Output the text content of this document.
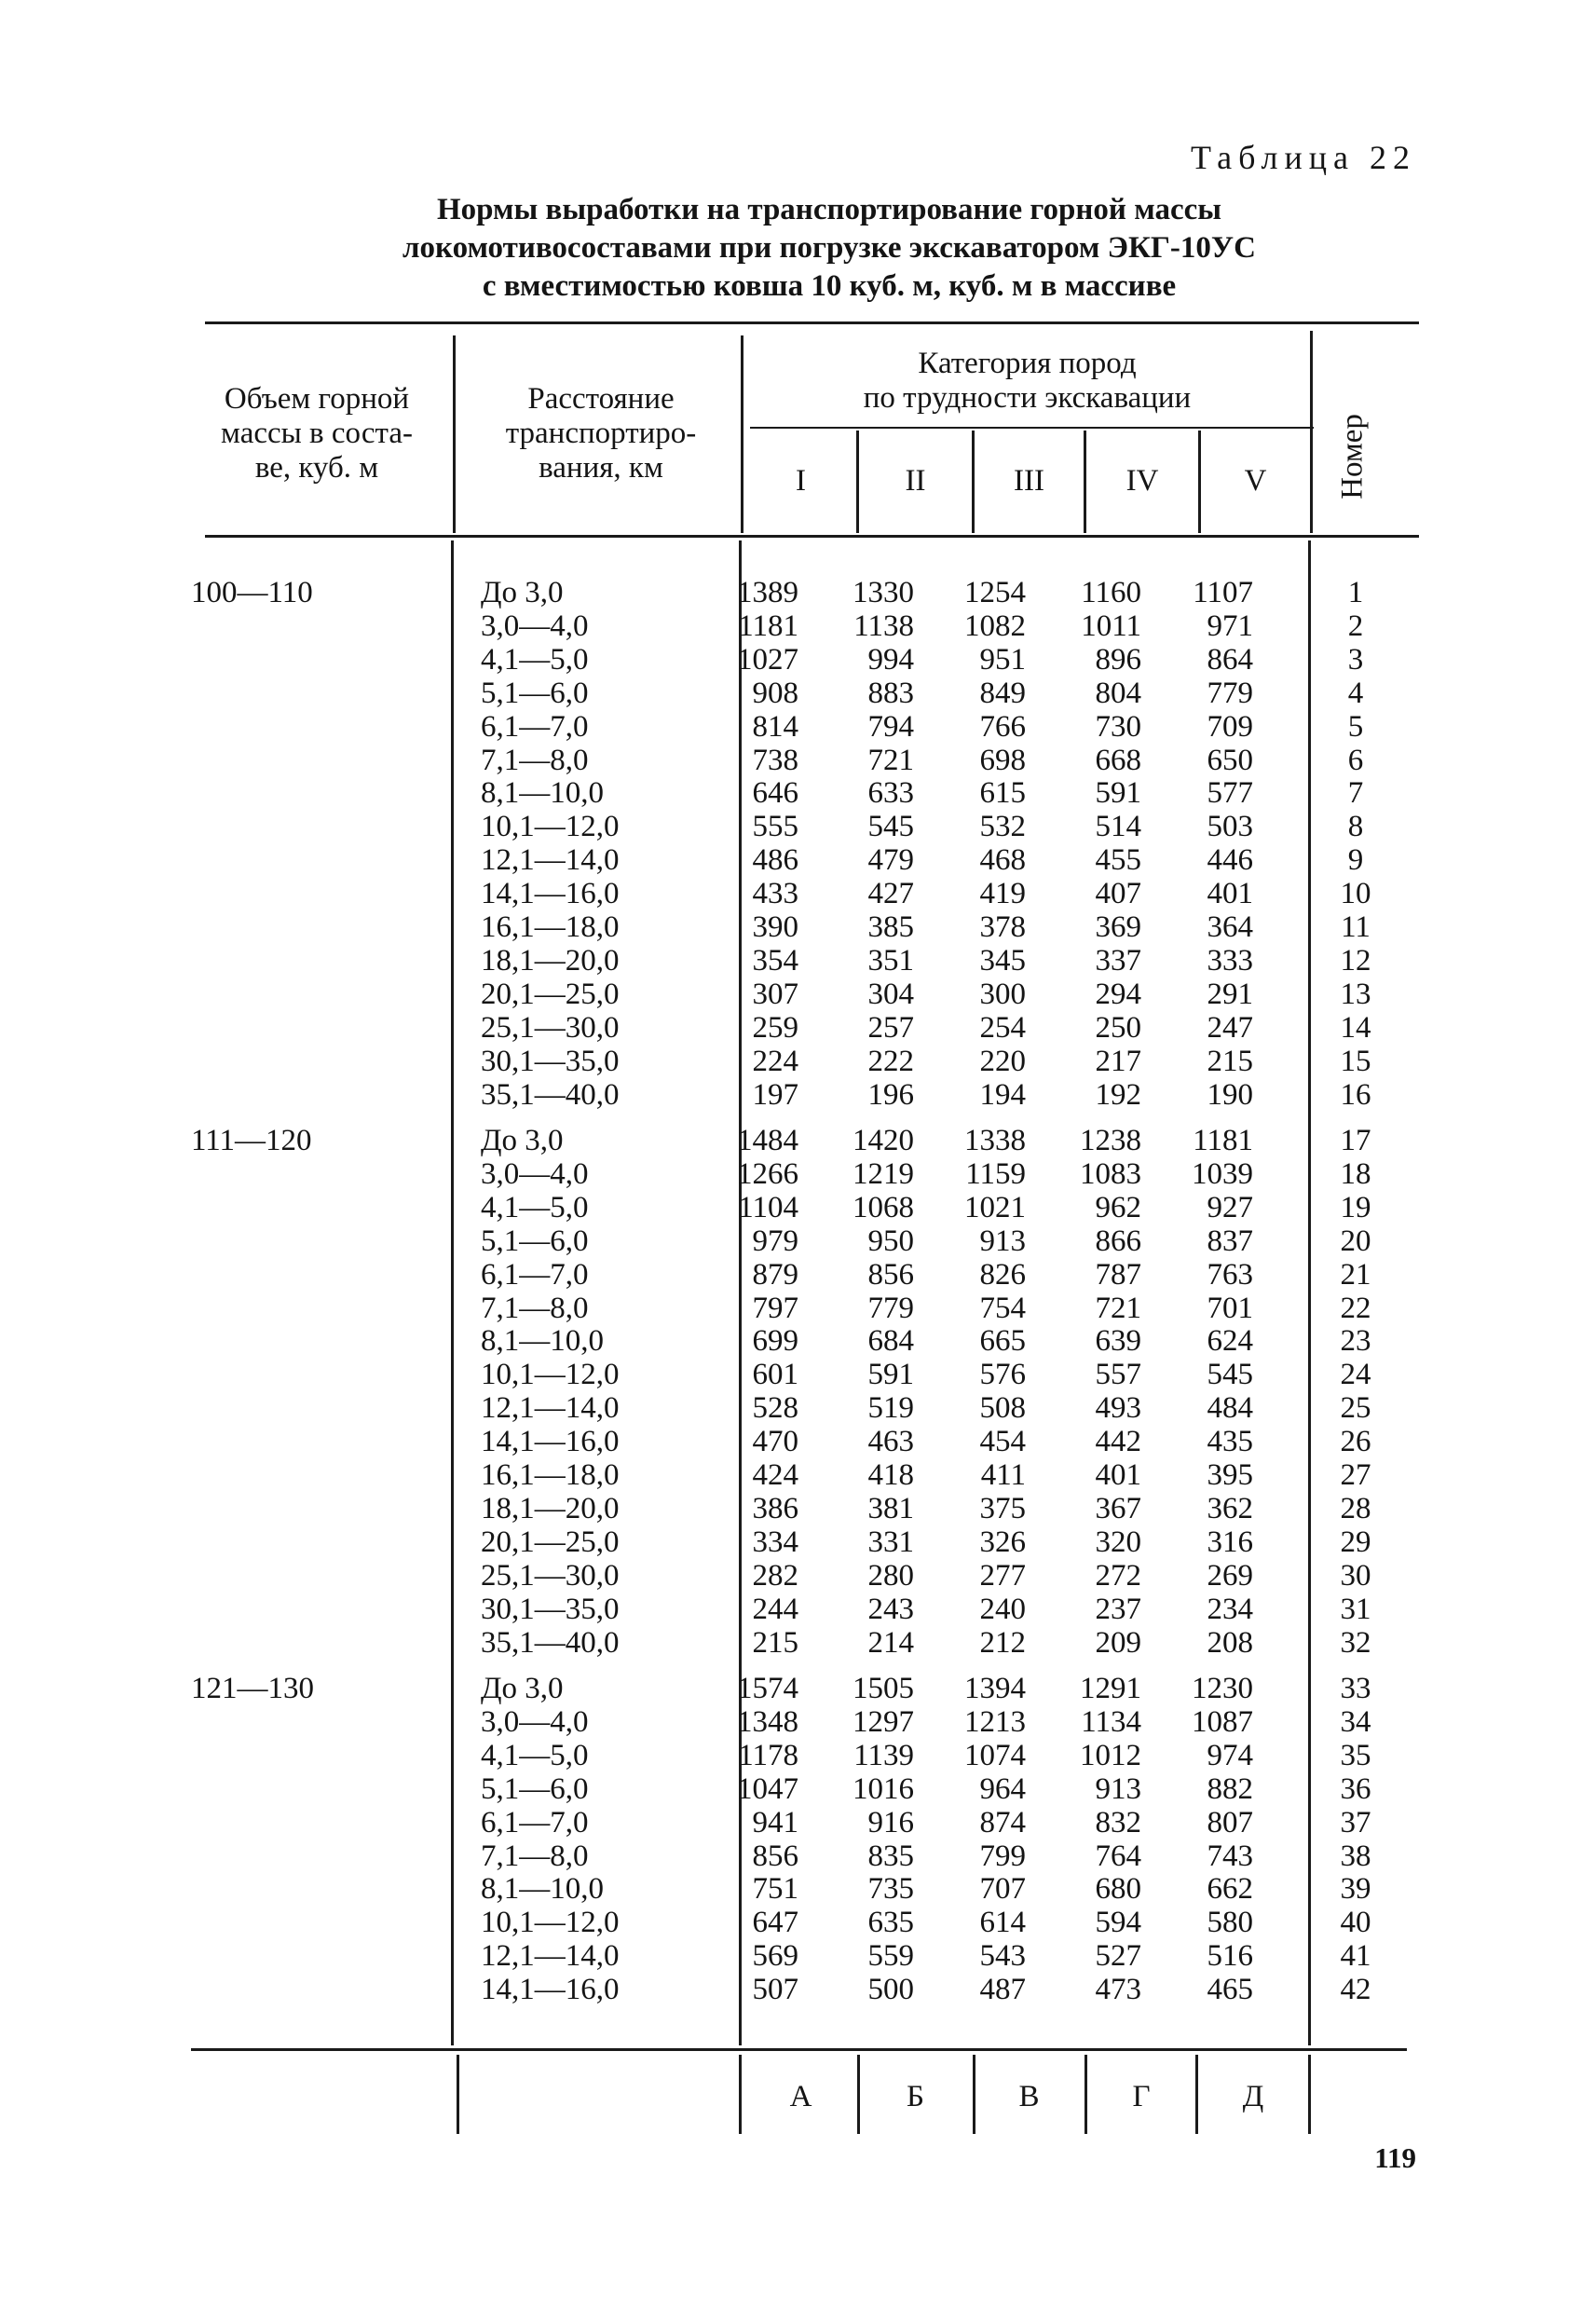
Таблица 22
Нормы выработки на транспортирование горной массы
локомотивосоставами при погрузке экскаватором ЭКГ-10УС
с вместимостью ковша 10 куб. м, куб. м в массиве
Объем горной
массы в соста-
ве, куб. м
Расстояние
транспортиро-
вания, км
Категория пород
по трудности экскавации
I	II	III	IV	V	Номер
100—110	До 3,0	1389	1330	1254	1160	1107	1
3,0—4,0	1181	1138	1082	1011	971	2
4,1—5,0	1027	994	951	896	864	3
5,1—6,0	908	883	849	804	779	4
6,1—7,0	814	794	766	730	709	5
7,1—8,0	738	721	698	668	650	6
8,1—10,0	646	633	615	591	577	7
10,1—12,0	555	545	532	514	503	8
12,1—14,0	486	479	468	455	446	9
14,1—16,0	433	427	419	407	401	10
16,1—18,0	390	385	378	369	364	11
18,1—20,0	354	351	345	337	333	12
20,1—25,0	307	304	300	294	291	13
25,1—30,0	259	257	254	250	247	14
30,1—35,0	224	222	220	217	215	15
35,1—40,0	197	196	194	192	190	16
111—120	До 3,0	1484	1420	1338	1238	1181	17
3,0—4,0	1266	1219	1159	1083	1039	18
4,1—5,0	1104	1068	1021	962	927	19
5,1—6,0	979	950	913	866	837	20
6,1—7,0	879	856	826	787	763	21
7,1—8,0	797	779	754	721	701	22
8,1—10,0	699	684	665	639	624	23
10,1—12,0	601	591	576	557	545	24
12,1—14,0	528	519	508	493	484	25
14,1—16,0	470	463	454	442	435	26
16,1—18,0	424	418	411	401	395	27
18,1—20,0	386	381	375	367	362	28
20,1—25,0	334	331	326	320	316	29
25,1—30,0	282	280	277	272	269	30
30,1—35,0	244	243	240	237	234	31
35,1—40,0	215	214	212	209	208	32
121—130	До 3,0	1574	1505	1394	1291	1230	33
3,0—4,0	1348	1297	1213	1134	1087	34
4,1—5,0	1178	1139	1074	1012	974	35
5,1—6,0	1047	1016	964	913	882	36
6,1—7,0	941	916	874	832	807	37
7,1—8,0	856	835	799	764	743	38
8,1—10,0	751	735	707	680	662	39
10,1—12,0	647	635	614	594	580	40
12,1—14,0	569	559	543	527	516	41
14,1—16,0	507	500	487	473	465	42
А	Б	В	Г	Д
119
